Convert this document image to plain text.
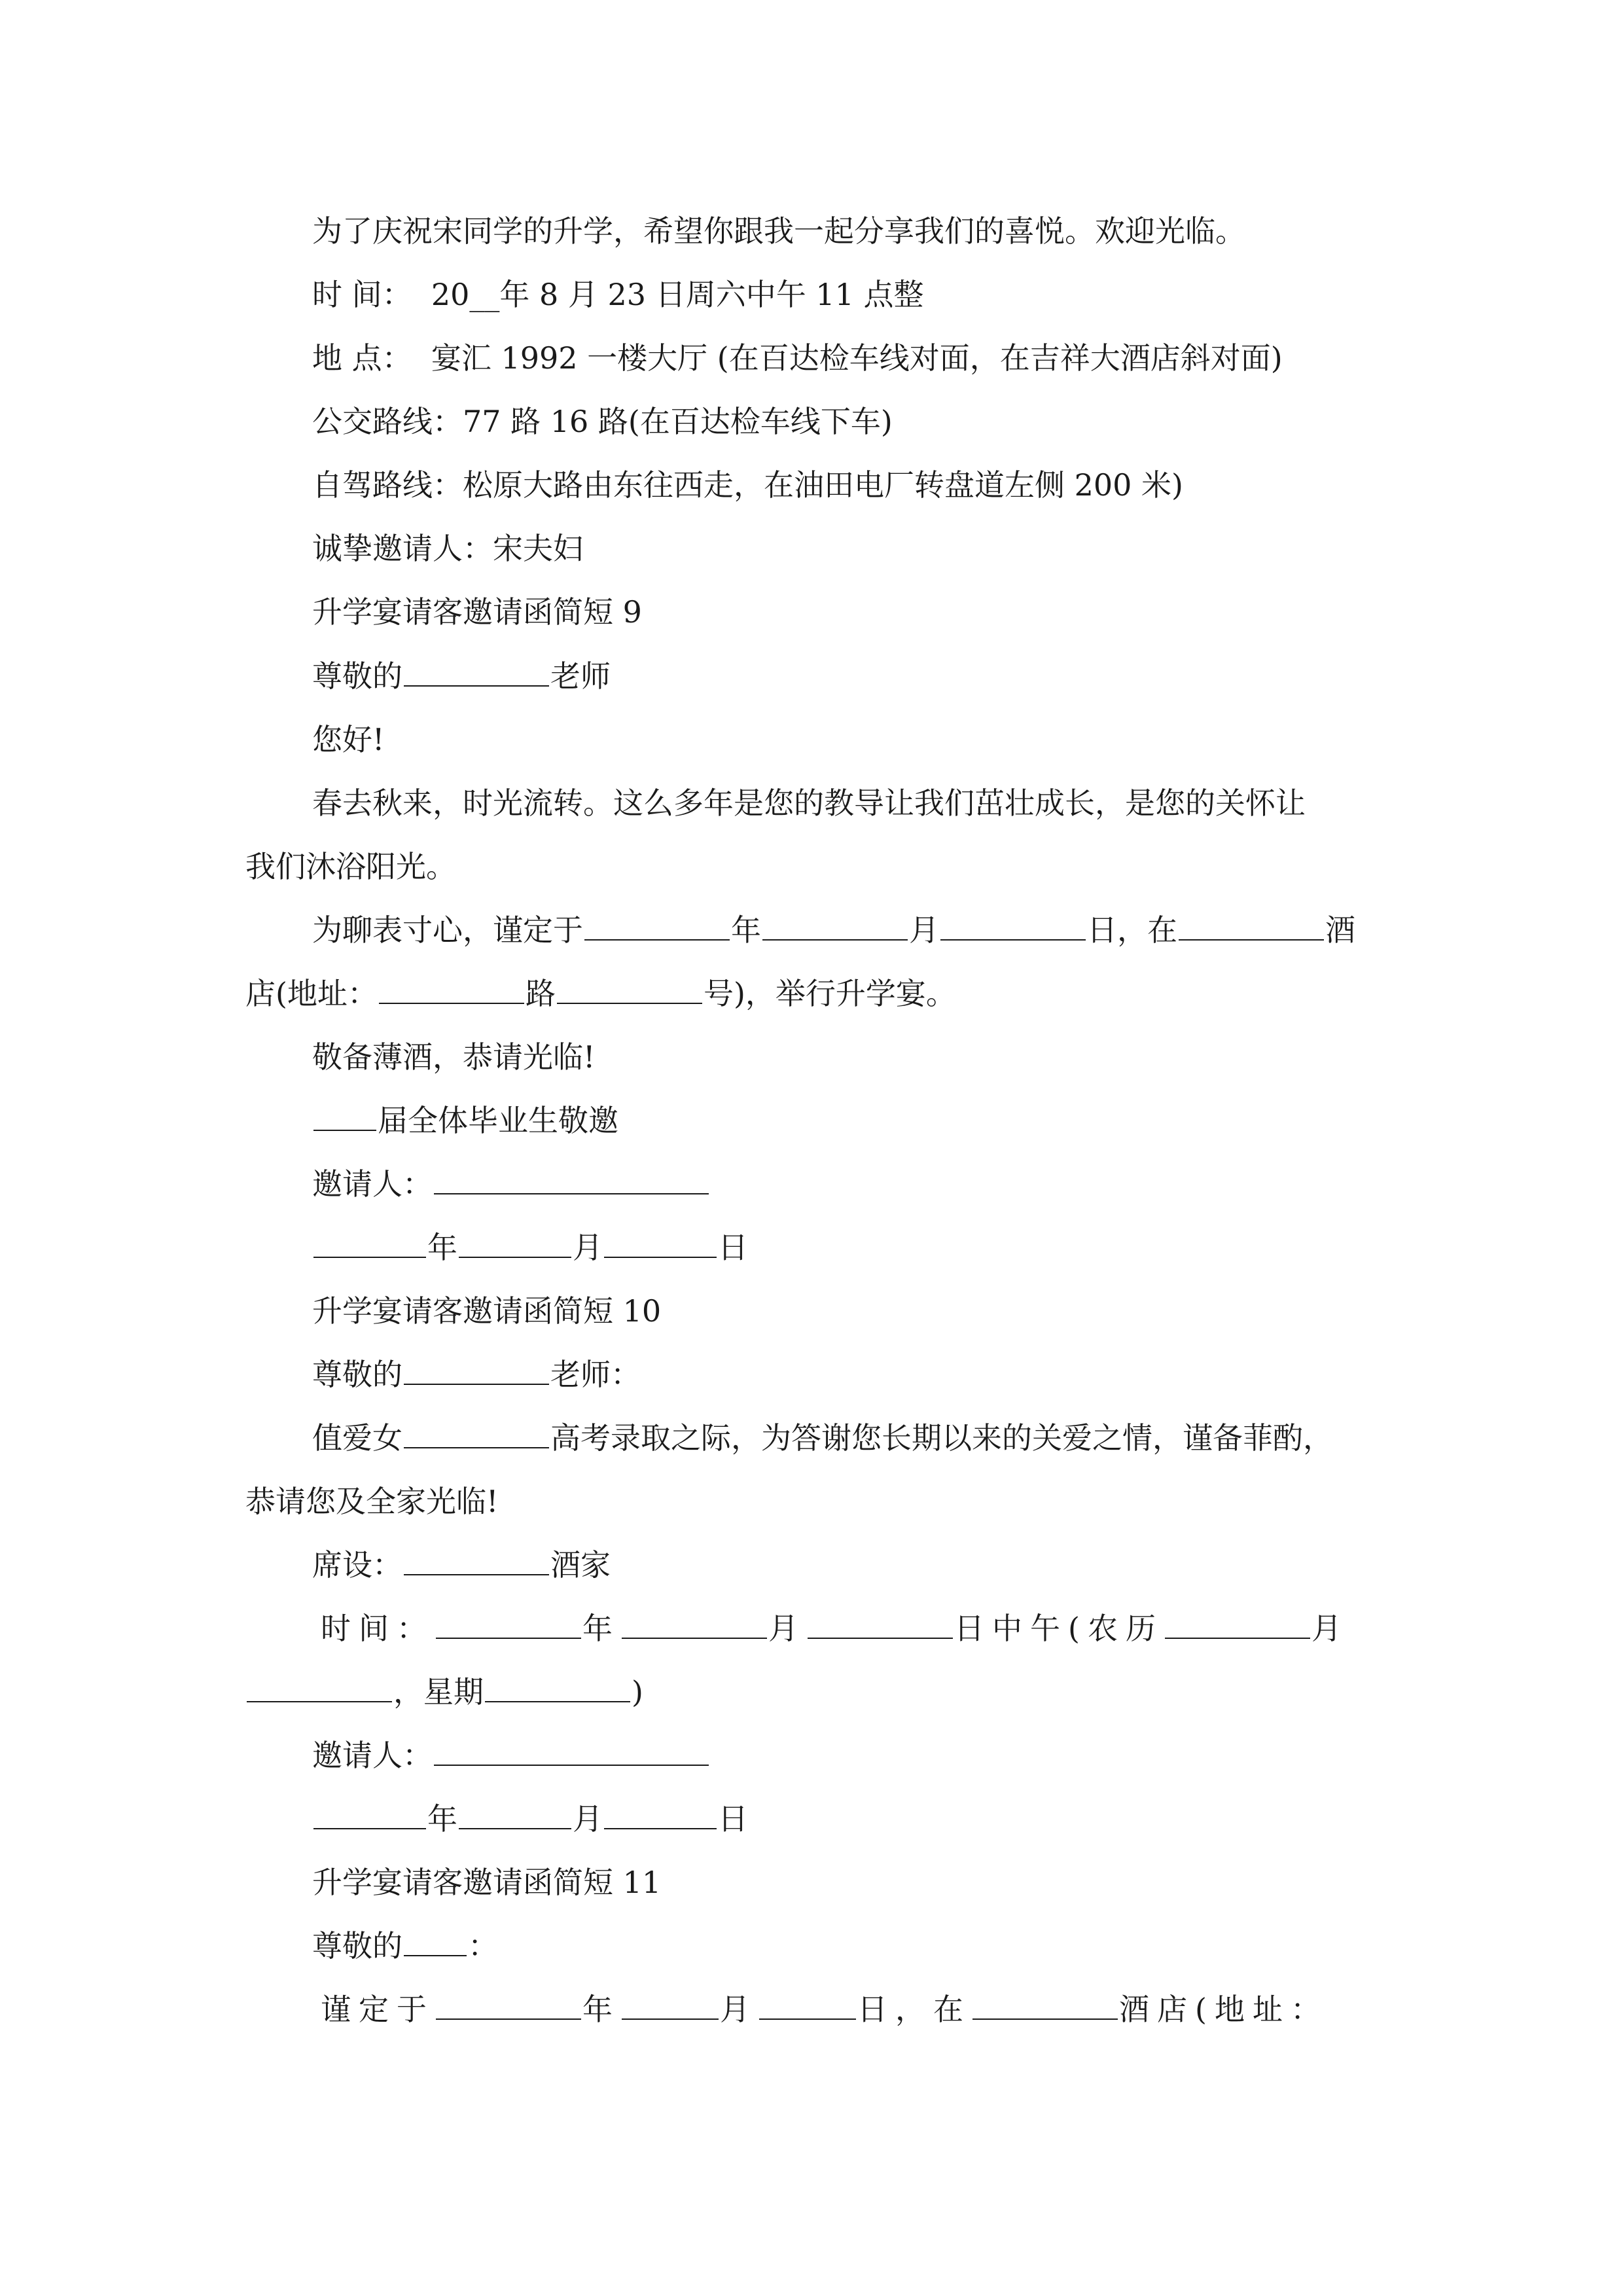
为了庆祝宋同学的升学，希望你跟我一起分享我们的喜悦。欢迎光临。
时 间：  20__年 8 月 23 日周六中午 11 点整
地 点：  宴汇 1992 一楼大厅 (在百达检车线对面，在吉祥大酒店斜对面)
公交路线：77 路 16 路(在百达检车线下车)
自驾路线：松原大路由东往西走，在油田电厂转盘道左侧 200 米)
诚挚邀请人：宋夫妇
升学宴请客邀请函简短 9
尊敬的	老师
您好!
春去秋来，时光流转。这么多年是您的教导让我们茁壮成长，是您的关怀让
我们沐浴阳光。
为聊表寸心，谨定于	年	月	日，在	酒
店(地址：	路	号)，举行升学宴。
敬备薄酒，恭请光临!
届全体毕业生敬邀
邀请人：
年	月	日
升学宴请客邀请函简短 10
尊敬的	老师：
值爱女	高考录取之际，为答谢您长期以来的关爱之情，谨备菲酌，
恭请您及全家光临!
席设：	酒家
时间：	年	月	日中午(农历	月
，星期	)
邀请人：
年	月	日
升学宴请客邀请函简短 11
尊敬的 ：
谨定于	年	月	日，在	酒店(地址：
